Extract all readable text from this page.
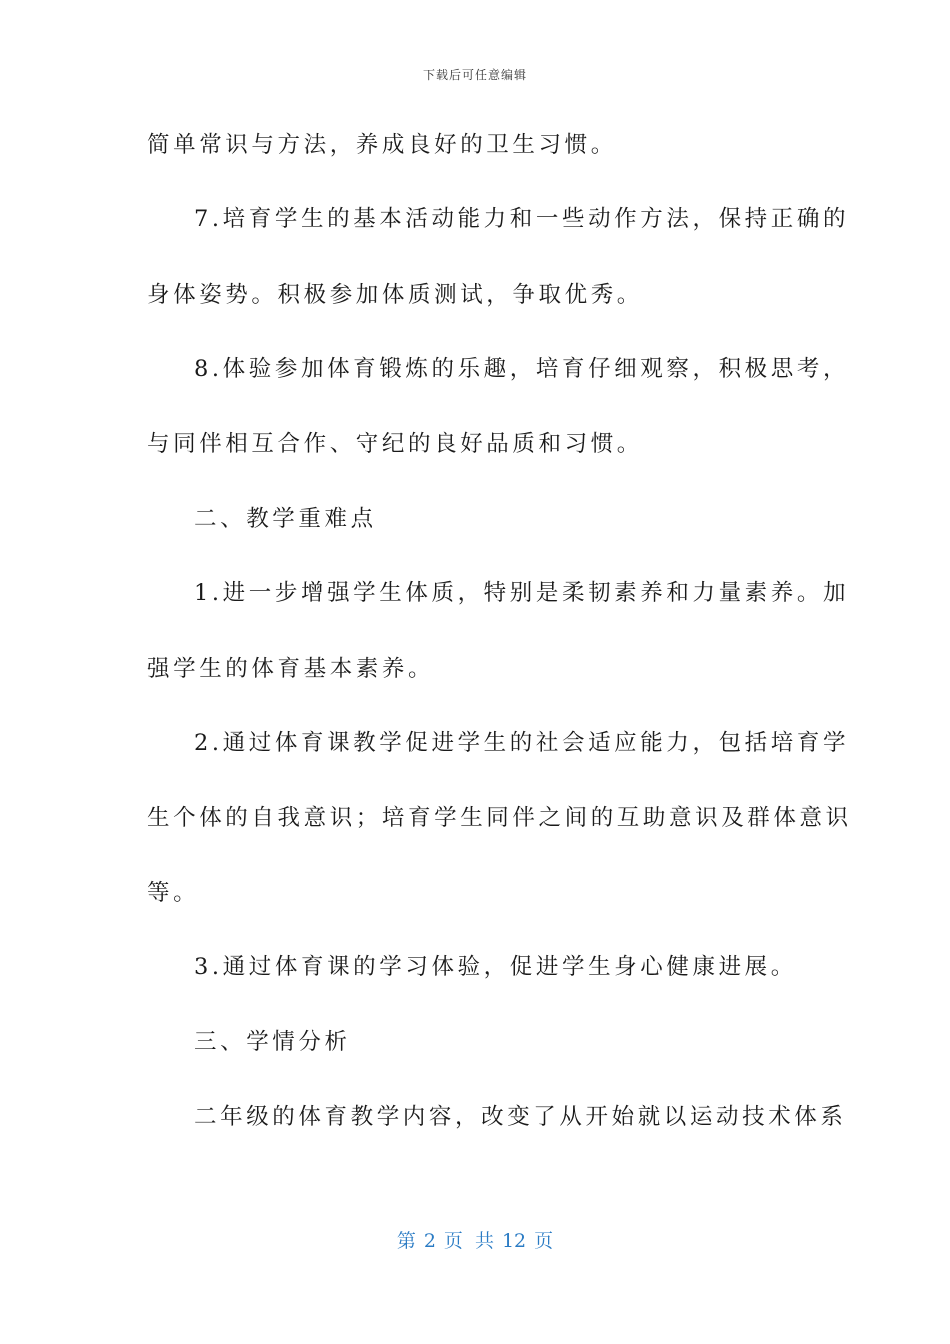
下载后可任意编辑
简单常识与方法，养成良好的卫生习惯。
7.培育学生的基本活动能力和一些动作方法，保持正确的
身体姿势。积极参加体质测试，争取优秀。
8.体验参加体育锻炼的乐趣，培育仔细观察，积极思考，
与同伴相互合作、守纪的良好品质和习惯。
二、教学重难点
1.进一步增强学生体质，特别是柔韧素养和力量素养。加
强学生的体育基本素养。
2.通过体育课教学促进学生的社会适应能力，包括培育学
生个体的自我意识；培育学生同伴之间的互助意识及群体意识
等。
3.通过体育课的学习体验，促进学生身心健康进展。
三、学情分析
二年级的体育教学内容，改变了从开始就以运动技术体系
第 2 页 共 12 页
